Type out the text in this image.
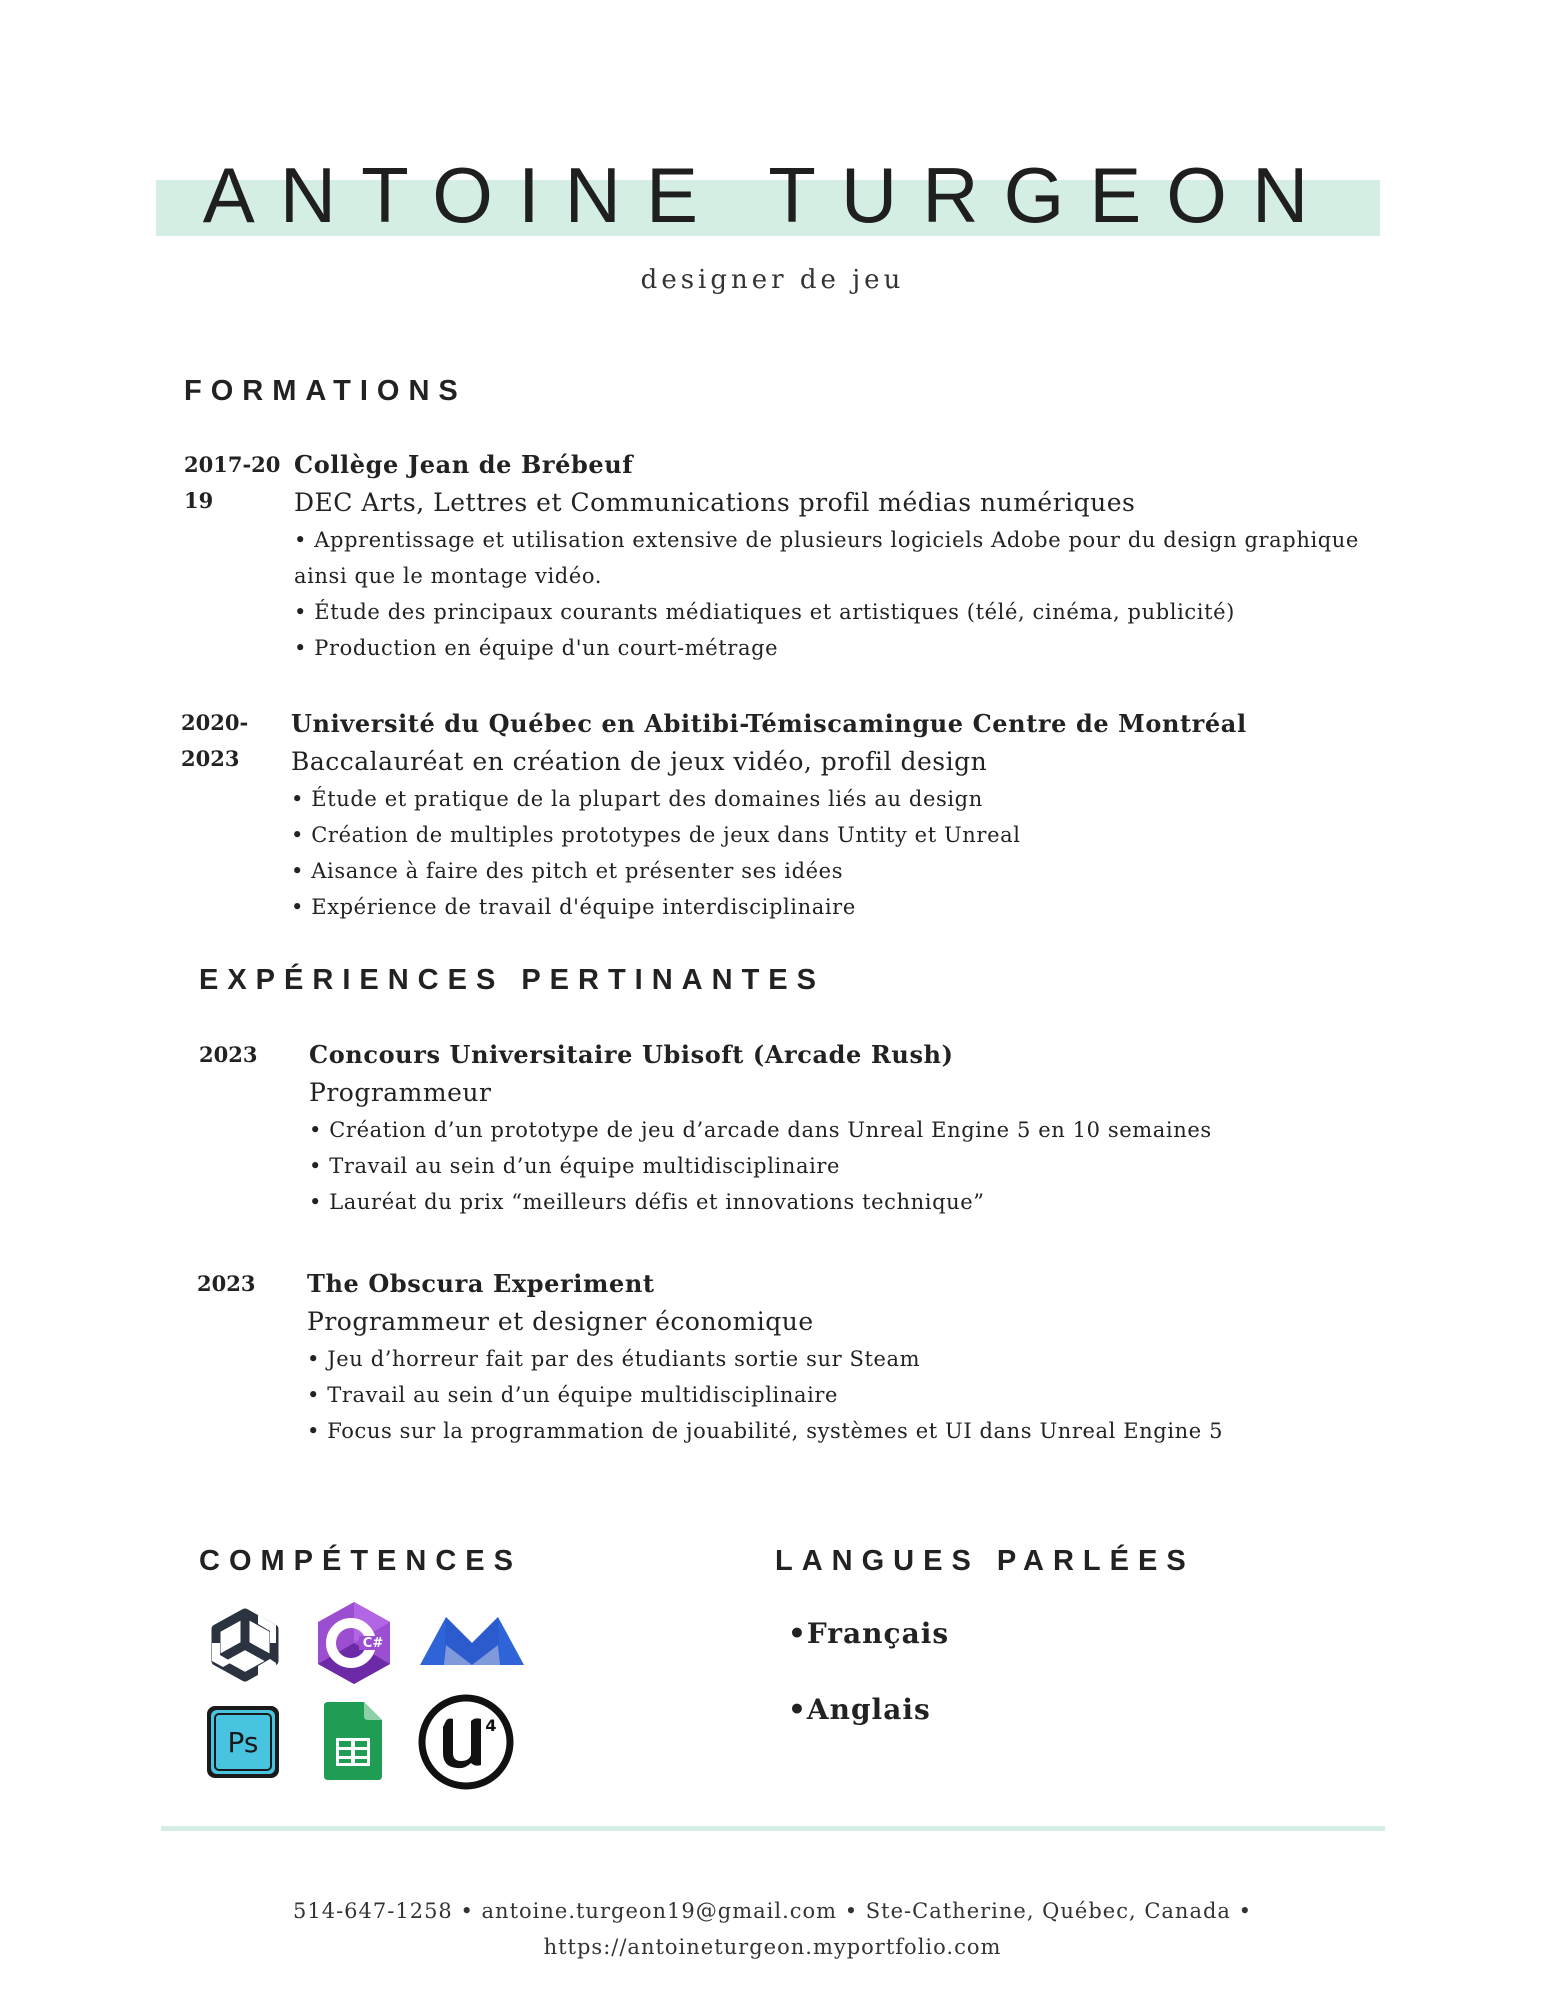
ANTOINE TURGEON
designer de jeu
FORMATIONS
2017-20
19
Collège Jean de Brébeuf
DEC Arts, Lettres et Communications profil médias numériques
• Apprentissage et utilisation extensive de plusieurs logiciels Adobe pour du design graphique ainsi que le montage vidéo.
• Étude des principaux courants médiatiques et artistiques (télé, cinéma, publicité)
• Production en équipe d'un court-métrage
2020-
2023
Université du Québec en Abitibi-Témiscamingue Centre de Montréal
Baccalauréat en création de jeux vidéo, profil design
• Étude et pratique de la plupart des domaines liés au design
• Création de multiples prototypes de jeux dans Untity et Unreal
• Aisance à faire des pitch et présenter ses idées
• Expérience de travail d'équipe interdisciplinaire
EXPÉRIENCES PERTINANTES
2023	Concours Universitaire Ubisoft (Arcade Rush)
Programmeur
• Création d’un prototype de jeu d’arcade dans Unreal Engine 5 en 10 semaines
• Travail au sein d’un équipe multidisciplinaire
• Lauréat du prix “meilleurs défis et innovations technique”
2023	The Obscura Experiment
Programmeur et designer économique
• Jeu d’horreur fait par des étudiants sortie sur Steam
• Travail au sein d’un équipe multidisciplinaire
• Focus sur la programmation de jouabilité, systèmes et UI dans Unreal Engine 5
COMPÉTENCES
C#
Ps
4
LANGUES PARLÉES
•Français
•Anglais
514-647-1258 • antoine.turgeon19@gmail.com • Ste-Catherine, Québec, Canada •
https://antoineturgeon.myportfolio.com
